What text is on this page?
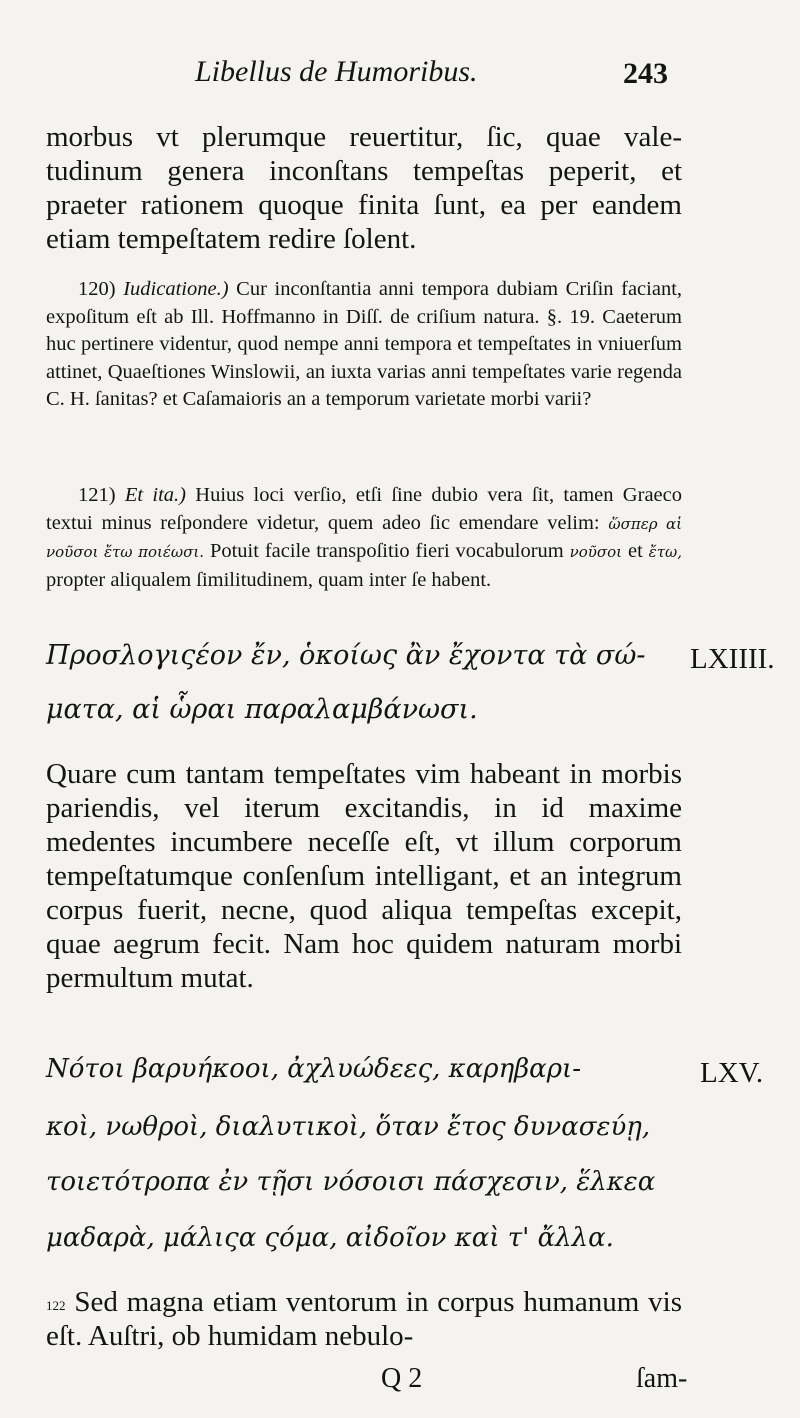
Libellus de Humoribus.	243

morbus vt plerumque reuertitur, ſic, quae vale-tudinum genera inconſtans tempeſtas peperit, et praeter rationem quoque finita ſunt, ea per eandem etiam tempeſtatem redire ſolent.

120) Iudicatione.) Cur inconſtantia anni tempora dubiam Criſin faciant, expoſitum eſt ab Ill. Hoffmanno in Diſſ. de criſium natura. §. 19. Caeterum huc pertinere videntur, quod nempe anni tempora et tempeſtates in vniuerſum attinet, Quaeſtiones Winslowii, an iuxta varias anni tempeſtates varie regenda C. H. ſanitas? et Caſamaioris an a temporum varietate morbi varii?

121) Et ita.) Huius loci verſio, etſi ſine dubio vera ſit, tamen Graeco textui minus reſpondere videtur, quem adeo ſic emendare velim: ὥσπερ αἱ νοῦσοι ἔτω ποιέωσι. Potuit facile transpoſitio fieri vocabulorum νοῦσοι et ἔτω, propter aliqualem ſimilitudinem, quam inter ſe habent.

Προσλογιςέον ἔν, ὁκοίως ἂν ἔχοντα τὰ σώ-
ματα, αἱ ὧραι παραλαμβάνωσι.
LXIIII.

Quare cum tantam tempeſtates vim habeant in morbis pariendis, vel iterum excitandis, in id maxime medentes incumbere neceſſe eſt, vt illum corporum tempeſtatumque conſenſum intelligant, et an integrum corpus fuerit, necne, quod aliqua tempeſtas excepit, quae aegrum fecit. Nam hoc quidem naturam morbi permultum mutat.

Νότοι βαρυήκοοι, ἀχλυώδεες, καρηβαρι-
κοὶ, νωθροὶ, διαλυτικοὶ, ὅταν ἔτος δυνασεύῃ,
τοιετότροπα ἐν τῇσι νόσοισι πάσχεσιν, ἕλκεα
μαδαρὰ, μάλιςα ςόμα, αἰδοῖον καὶ τ' ἄλλα.
LXV.

$^{122}$ Sed magna etiam ventorum in corpus humanum vis eſt. Auſtri, ob humidam nebulo-

Q 2	ſam-
